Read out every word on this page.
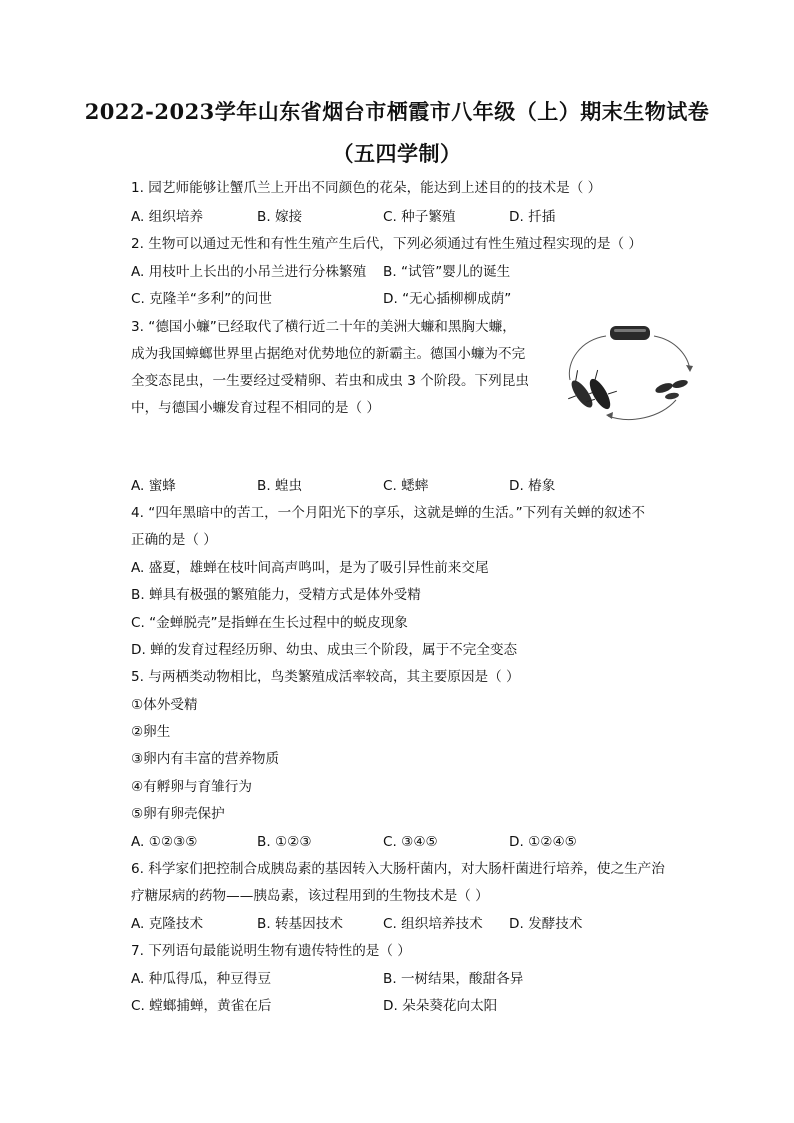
2022-2023学年山东省烟台市栖霞市八年级（上）期末生物试卷
（五四学制）
1. 园艺师能够让蟹爪兰上开出不同颜色的花朵，能达到上述目的的技术是（ ）
A. 组织培养	B. 嫁接	C. 种子繁殖	D. 扦插
2. 生物可以通过无性和有性生殖产生后代，下列必须通过有性生殖过程实现的是（ ）
A. 用枝叶上长出的小吊兰进行分株繁殖 B. “试管”婴儿的诞生
C. 克隆羊“多利”的问世	D. “无心插柳柳成荫”
3. “德国小蠊”已经取代了横行近二十年的美洲大蠊和黑胸大蠊，
成为我国蟑螂世界里占据绝对优势地位的新霸主。德国小蠊为不完
全变态昆虫，一生要经过受精卵、若虫和成虫 3 个阶段。下列昆虫
中，与德国小蠊发育过程不相同的是（ ）
A. 蜜蜂	B. 蝗虫	C. 蟋蟀	D. 椿象
4. “四年黑暗中的苦工，一个月阳光下的享乐，这就是蝉的生活。”下列有关蝉的叙述不
正确的是（ ）
A. 盛夏，雄蝉在枝叶间高声鸣叫，是为了吸引异性前来交尾
B. 蝉具有极强的繁殖能力，受精方式是体外受精
C. “金蝉脱壳”是指蝉在生长过程中的蜕皮现象
D. 蝉的发育过程经历卵、幼虫、成虫三个阶段，属于不完全变态
5. 与两栖类动物相比，鸟类繁殖成活率较高，其主要原因是（ ）
①体外受精
②卵生
③卵内有丰富的营养物质
④有孵卵与育雏行为
⑤卵有卵壳保护
A. ①②③⑤	B. ①②③	C. ③④⑤	D. ①②④⑤
6. 科学家们把控制合成胰岛素的基因转入大肠杆菌内，对大肠杆菌进行培养，使之生产治
疗糖尿病的药物——胰岛素，该过程用到的生物技术是（ ）
A. 克隆技术	B. 转基因技术	C. 组织培养技术 D. 发酵技术
7. 下列语句最能说明生物有遗传特性的是（ ）
A. 种瓜得瓜，种豆得豆	B. 一树结果，酸甜各异
C. 螳螂捕蝉，黄雀在后	D. 朵朵葵花向太阳
